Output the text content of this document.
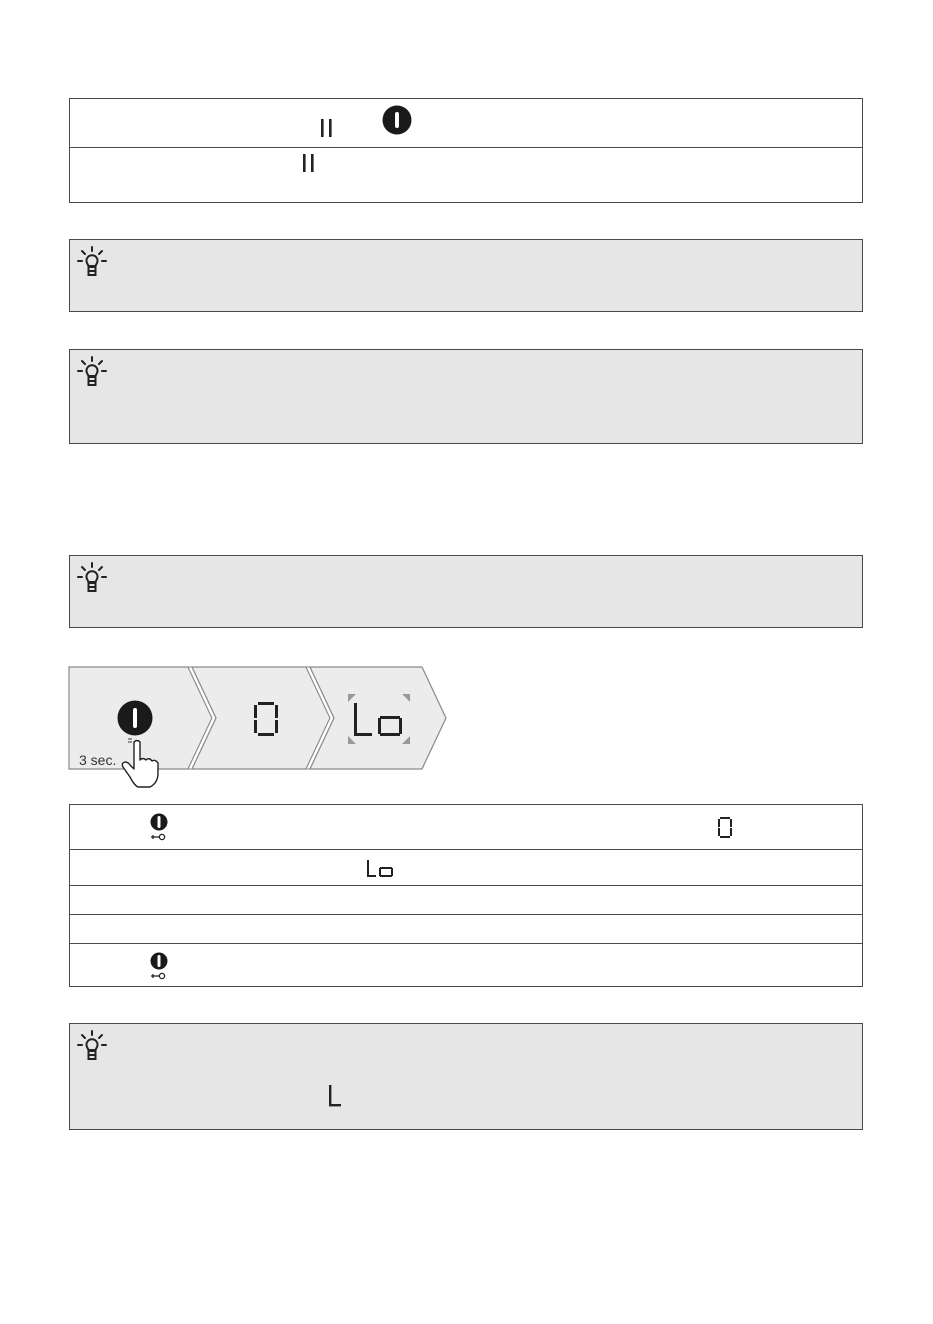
3 sec.
